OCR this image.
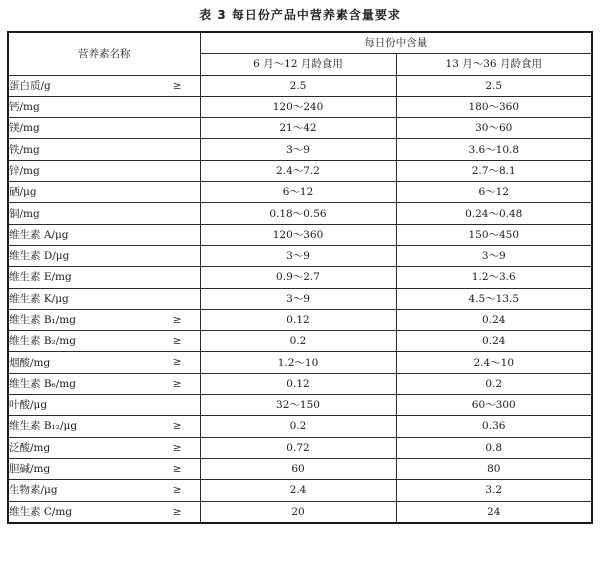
表 3 每日份产品中营养素含量要求
营养素名称	每日份中含量	
	6 月～12 月龄食用	13 月～36 月龄食用
蛋白质/g ≥	2.5	2.5
钙/mg	120～240	180～360
镁/mg	21～42	30～60
铁/mg	3～9	3.6～10.8
锌/mg	2.4～7.2	2.7～8.1
硒/μg	6～12	6～12
铜/mg	0.18～0.56	0.24～0.48
维生素 A/μg	120～360	150～450
维生素 D/μg	3～9	3～9
维生素 E/mg	0.9～2.7	1.2～3.6
维生素 K/μg	3～9	4.5～13.5
维生素 B₁/mg ≥	0.12	0.24
维生素 B₂/mg ≥	0.2	0.24
烟酸/mg ≥	1.2～10	2.4～10
维生素 B₆/mg ≥	0.12	0.2
叶酸/μg	32～150	60～300
维生素 B₁₂/μg ≥	0.2	0.36
泛酸/mg ≥	0.72	0.8
胆碱/mg ≥	60	80
生物素/μg ≥	2.4	3.2
维生素 C/mg ≥	20	24
